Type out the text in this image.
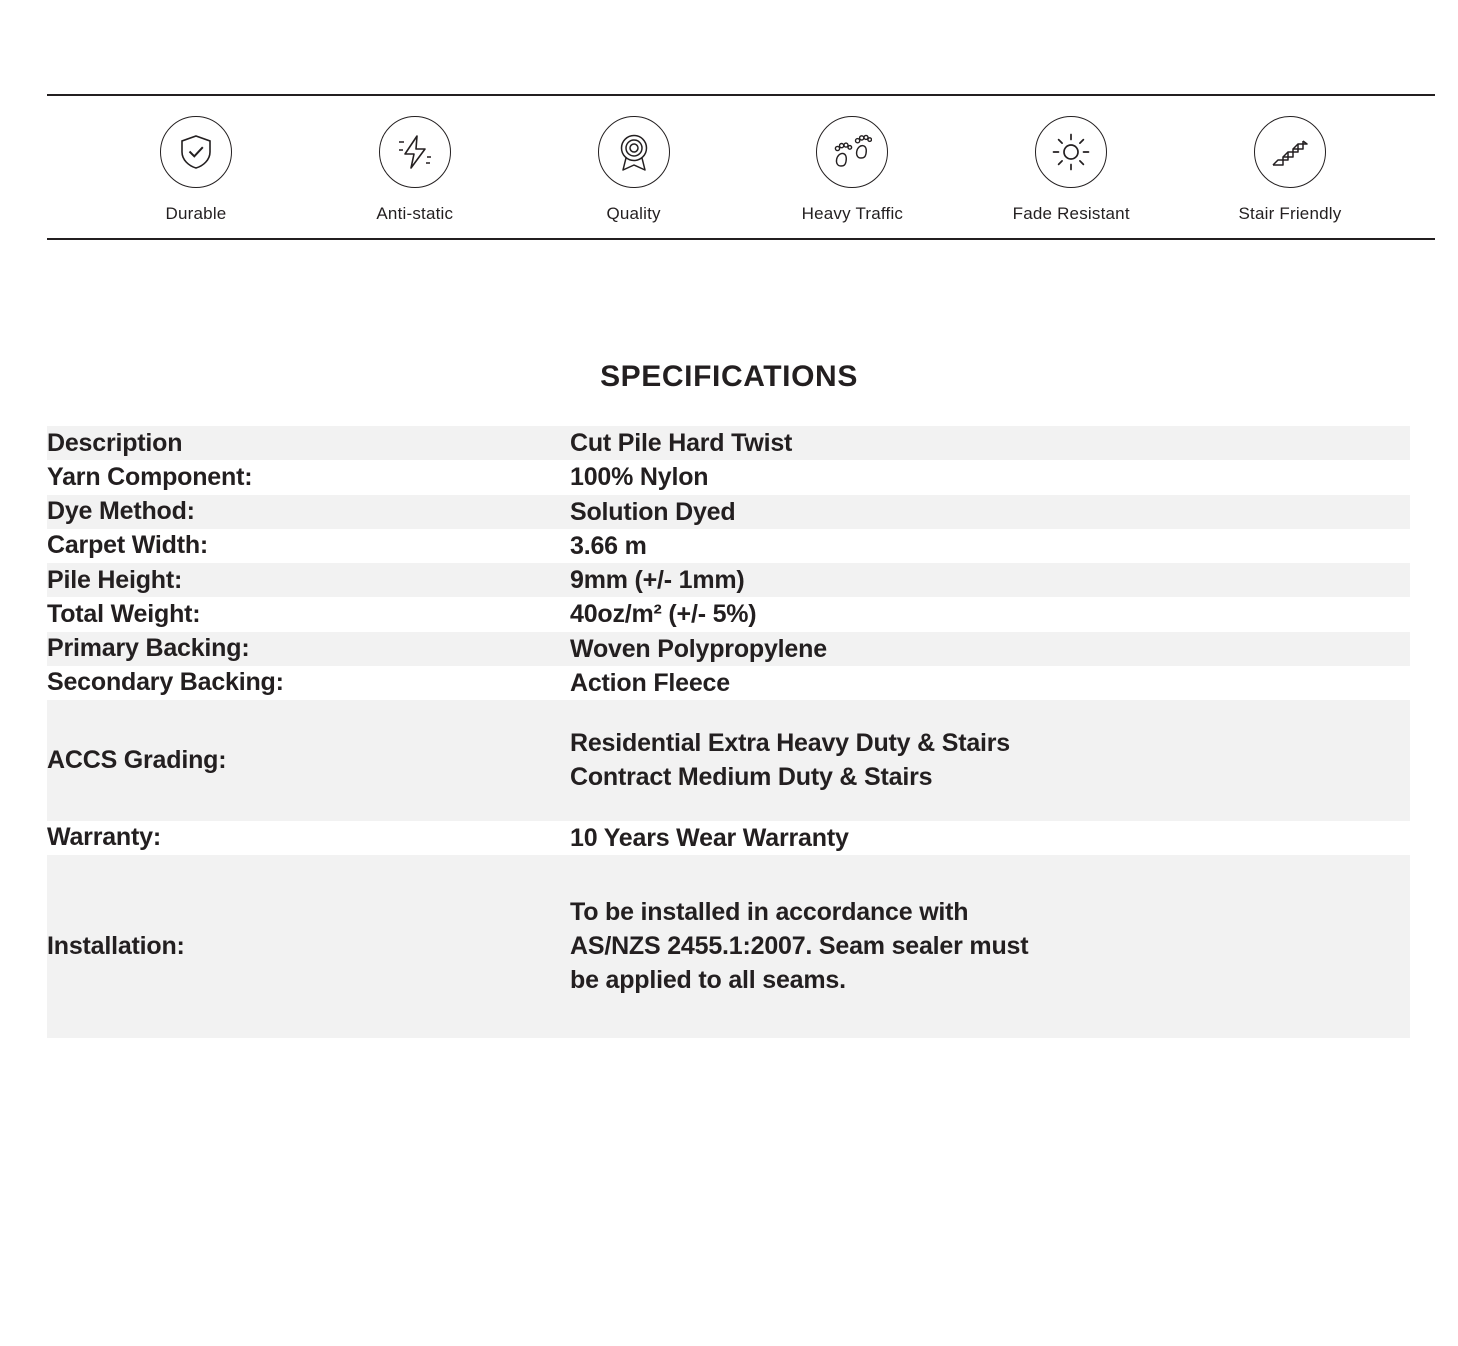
Durable	Anti-static	Quality	Heavy Traffic	Fade Resistant	Stair Friendly
SPECIFICATIONS
Description	Cut Pile Hard Twist

Yarn Component:	100% Nylon

Dye Method:	Solution Dyed

Carpet Width:	3.66 m

Pile Height:	9mm (+/- 1mm)

Total Weight:	40oz/m² (+/- 5%)

Primary Backing:	Woven Polypropylene

Secondary Backing:	Action Fleece

ACCS Grading:	Residential Extra Heavy Duty & Stairs
Contract Medium Duty & Stairs

Warranty:	10 Years Wear Warranty

Installation:	To be installed in accordance with
AS/NZS 2455.1:2007. Seam sealer must
be applied to all seams.
